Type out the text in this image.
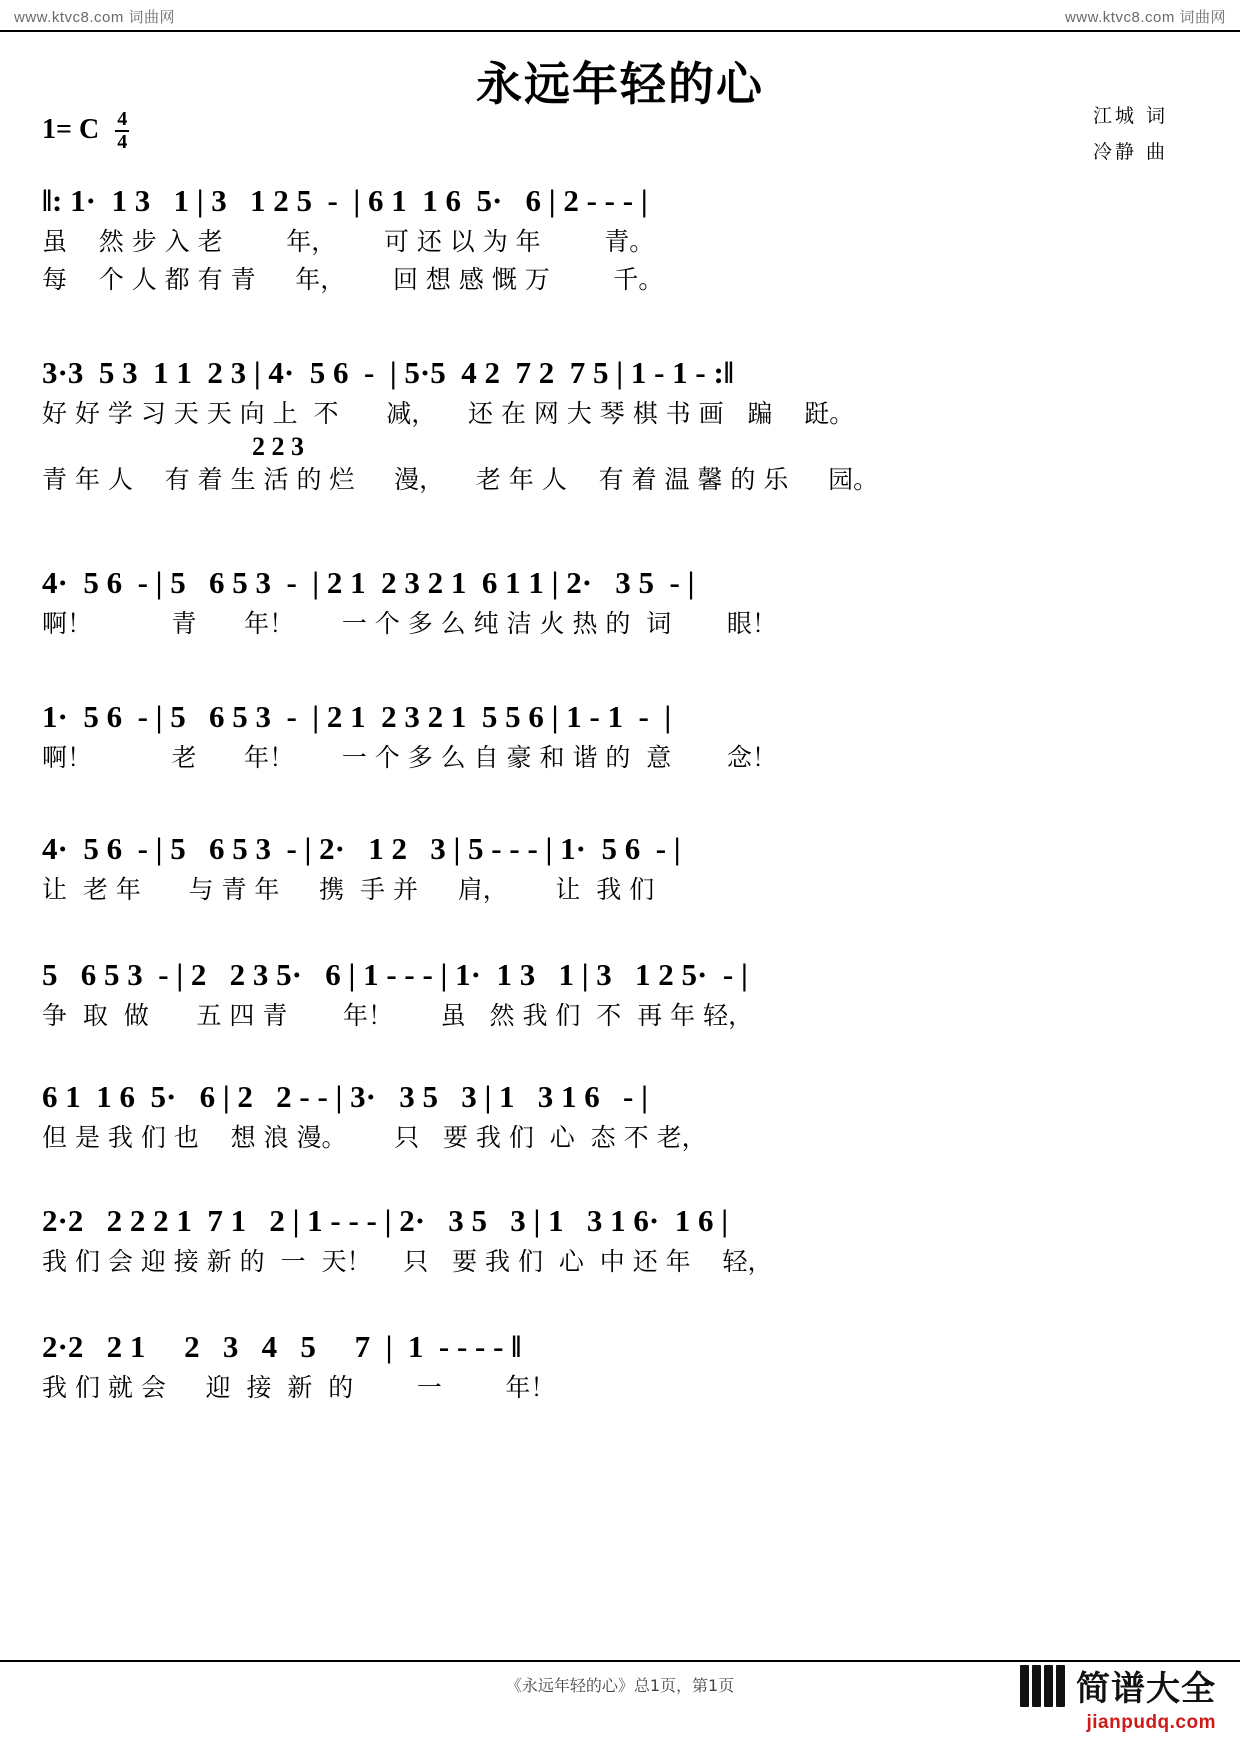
www.ktvc8.com 词曲网	www.ktvc8.com 词曲网
永远年轻的心
1= C $\frac{4}{4}$	江城 词
冷静 曲
‖: 1·  1 3   1 | 3   1 2 5  -  | 6 1  1 6  5·   6 | 2 - - - |
虽    然 步 入 老        年，      可 还 以 为 年        青。
每    个 人 都 有 青     年，      回 想 感 慨 万        千。
3·3  5 3  1 1  2 3 | 4·  5 6  -  | 5·5  4 2  7 2  7 5 | 1 - 1 - :‖
好 好 学 习 天 天 向 上  不      减，    还 在 网 大 琴 棋 书 画   蹁    跹。
2 2 3
青 年 人    有 着 生 活 的 烂     漫，    老 年 人    有 着 温 馨 的 乐     园。
4·  5 6  - | 5   6 5 3  -  | 2 1  2 3 2 1  6 1 1 | 2·   3 5  - |
啊！          青      年！      一 个 多 么 纯 洁 火 热 的  词       眼！
1·  5 6  - | 5   6 5 3  -  | 2 1  2 3 2 1  5 5 6 | 1 - 1  -  |
啊！          老      年！      一 个 多 么 自 豪 和 谐 的  意       念！
4·  5 6  - | 5   6 5 3  - | 2·   1 2   3 | 5 - - - | 1·  5 6  - |
让  老 年      与 青 年     携  手 并     肩，      让  我 们
5   6 5 3  - | 2   2 3 5·   6 | 1 - - - | 1·  1 3   1 | 3   1 2 5·  - |
争  取  做      五 四 青       年！      虽   然 我 们  不  再 年 轻，
6 1  1 6  5·   6 | 2   2 - - | 3·   3 5   3 | 1   3 1 6   - |
但 是 我 们 也    想 浪 漫。      只   要 我 们  心  态 不 老，
2·2   2 2 2 1  7 1   2 | 1 - - - | 2·   3 5   3 | 1   3 1 6·  1 6 |
我 们 会 迎 接 新 的  一  天！    只   要 我 们  心  中 还 年    轻，
2·2   2 1     2   3   4   5     7  |  1  - - - - ‖
我 们 就 会     迎  接  新  的        一        年！
《永远年轻的心》总1页，第1页	简谱大全
jianpudq.com
